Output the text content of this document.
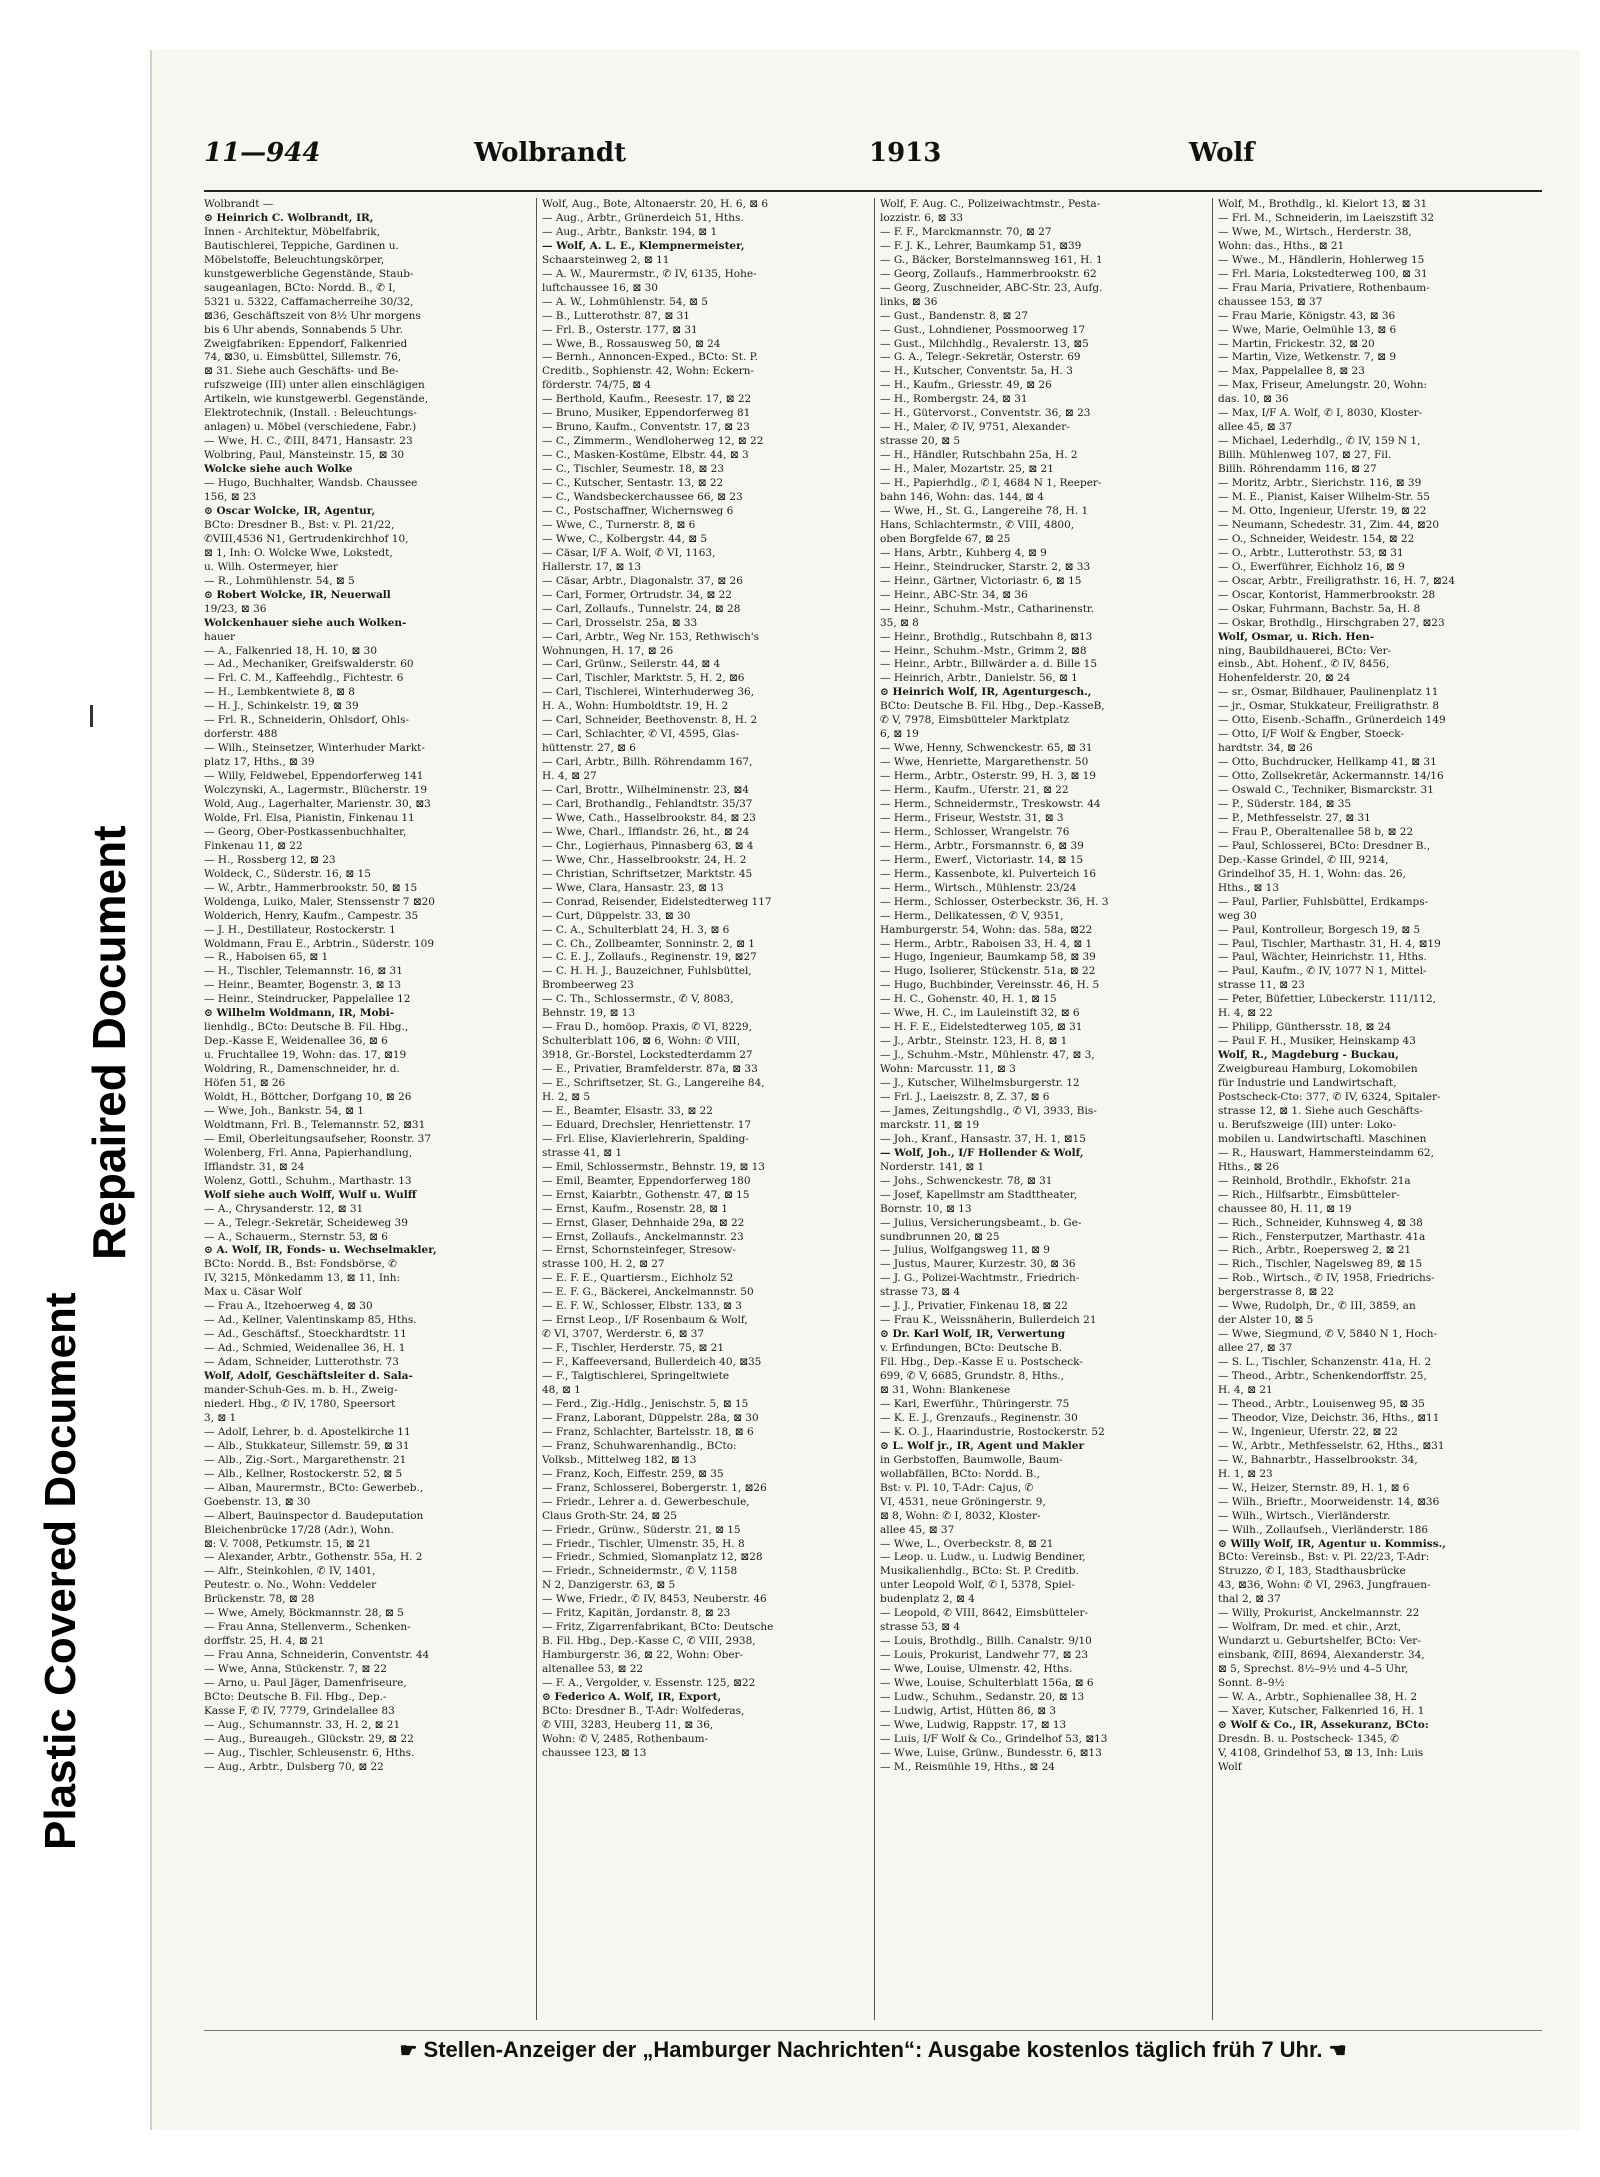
Plastic Covered Document
Repaired Document
11—944	Wolbrandt	1913	Wolf
Wolbrandt —
⊙ Heinrich C. Wolbrandt, IR,
Innen - Architektur, Möbelfabrik,
Bautischlerei, Teppiche, Gardinen u.
Möbelstoffe, Beleuchtungskörper,
kunstgewerbliche Gegenstände, Staub-
saugeanlagen, BCto: Nordd. B., ✆ I,
5321 u. 5322, Caffamacherreihe 30/32,
⊠36, Geschäftszeit von 8½ Uhr morgens
bis 6 Uhr abends, Sonnabends 5 Uhr.
Zweigfabriken: Eppendorf, Falkenried
74, ⊠30, u. Eimsbüttel, Sillemstr. 76,
⊠ 31. Siehe auch Geschäfts- und Be-
rufszweige (III) unter allen einschlägigen
Artikeln, wie kunstgewerbl. Gegenstände,
Elektrotechnik, (Install. : Beleuchtungs-
anlagen) u. Möbel (verschiedene, Fabr.)
— Wwe, H. C., ✆III, 8471, Hansastr. 23
Wolbring, Paul, Mansteinstr. 15, ⊠ 30
Wolcke siehe auch Wolke
— Hugo, Buchhalter, Wandsb. Chaussee
156, ⊠ 23
⊙ Oscar Wolcke, IR, Agentur,
BCto: Dresdner B., Bst: v. Pl. 21/22,
✆VIII,4536 N1, Gertrudenkirchhof 10,
⊠ 1, Inh: O. Wolcke Wwe, Lokstedt,
u. Wilh. Ostermeyer, hier
— R., Lohmühlenstr. 54, ⊠ 5
⊙ Robert Wolcke, IR, Neuerwall
19/23, ⊠ 36
Wolckenhauer siehe auch Wolken-
hauer
— A., Falkenried 18, H. 10, ⊠ 30
— Ad., Mechaniker, Greifswalderstr. 60
— Frl. C. M., Kaffeehdlg., Fichtestr. 6
— H., Lembkentwiete 8, ⊠ 8
— H. J., Schinkelstr. 19, ⊠ 39
— Frl. R., Schneiderin, Ohlsdorf, Ohls-
dorferstr. 488
— Wilh., Steinsetzer, Winterhuder Markt-
platz 17, Hths., ⊠ 39
— Willy, Feldwebel, Eppendorferweg 141
Wolczynski, A., Lagermstr., Blücherstr. 19
Wold, Aug., Lagerhalter, Marienstr. 30, ⊠3
Wolde, Frl. Elsa, Pianistin, Finkenau 11
— Georg, Ober-Postkassenbuchhalter,
Finkenau 11, ⊠ 22
— H., Rossberg 12, ⊠ 23
Woldeck, C., Süderstr. 16, ⊠ 15
— W., Arbtr., Hammerbrookstr. 50, ⊠ 15
Woldenga, Luiko, Maler, Stenssenstr 7 ⊠20
Wolderich, Henry, Kaufm., Campestr. 35
— J. H., Destillateur, Rostockerstr. 1
Woldmann, Frau E., Arbtrin., Süderstr. 109
— R., Haboisen 65, ⊠ 1
— H., Tischler, Telemannstr. 16, ⊠ 31
— Heinr., Beamter, Bogenstr. 3, ⊠ 13
— Heinr., Steindrucker, Pappelallee 12
⊙ Wilhelm Woldmann, IR, Mobi-
lienhdlg., BCto: Deutsche B. Fil. Hbg.,
Dep.-Kasse E, Weidenallee 36, ⊠ 6
u. Fruchtallee 19, Wohn: das. 17, ⊠19
Woldring, R., Damenschneider, hr. d.
Höfen 51, ⊠ 26
Woldt, H., Böttcher, Dorfgang 10, ⊠ 26
— Wwe, Joh., Bankstr. 54, ⊠ 1
Woldtmann, Frl. B., Telemannstr. 52, ⊠31
— Emil, Oberleitungsaufseher, Roonstr. 37
Wolenberg, Frl. Anna, Papierhandlung,
Ifflandstr. 31, ⊠ 24
Wolenz, Gottl., Schuhm., Marthastr. 13
Wolf siehe auch Wolff, Wulf u. Wulff
— A., Chrysanderstr. 12, ⊠ 31
— A., Telegr.-Sekretär, Scheideweg 39
— A., Schauerm., Sternstr. 53, ⊠ 6
⊙ A. Wolf, IR, Fonds- u. Wechselmakler,
BCto: Nordd. B., Bst: Fondsbörse, ✆
IV, 3215, Mönkedamm 13, ⊠ 11, Inh:
Max u. Cäsar Wolf
— Frau A., Itzehoerweg 4, ⊠ 30
— Ad., Kellner, Valentinskamp 85, Hths.
— Ad., Geschäftsf., Stoeckhardtstr. 11
— Ad., Schmied, Weidenallee 36, H. 1
— Adam, Schneider, Lutterothstr. 73
Wolf, Adolf, Geschäftsleiter d. Sala-
mander-Schuh-Ges. m. b. H., Zweig-
niederl. Hbg., ✆ IV, 1780, Speersort
3, ⊠ 1
— Adolf, Lehrer, b. d. Apostelkirche 11
— Alb., Stukkateur, Sillemstr. 59, ⊠ 31
— Alb., Zig.-Sort., Margarethenstr. 21
— Alb., Kellner, Rostockerstr. 52, ⊠ 5
— Alban, Maurermstr., BCto: Gewerbeb.,
Goebenstr. 13, ⊠ 30
— Albert, Bauinspector d. Baudeputation
Bleichenbrücke 17/28 (Adr.), Wohn.
⊠: V. 7008, Petkumstr. 15, ⊠ 21
— Alexander, Arbtr., Gothenstr. 55a, H. 2
— Alfr., Steinkohlen, ✆ IV, 1401,
Peutestr. o. No., Wohn: Veddeler
Brückenstr. 78, ⊠ 28
— Wwe, Amely, Böckmannstr. 28, ⊠ 5
— Frau Anna, Stellenverm., Schenken-
dorffstr. 25, H. 4, ⊠ 21
— Frau Anna, Schneiderin, Conventstr. 44
— Wwe, Anna, Stückenstr. 7, ⊠ 22
— Arno, u. Paul Jäger, Damenfriseure,
BCto: Deutsche B. Fil. Hbg., Dep.-
Kasse F, ✆ IV, 7779, Grindelallee 83
— Aug., Schumannstr. 33, H. 2, ⊠ 21
— Aug., Bureaugeh., Glückstr. 29, ⊠ 22
— Aug., Tischler, Schleusenstr. 6, Hths.
— Aug., Arbtr., Dulsberg 70, ⊠ 22
Wolf, Aug., Bote, Altonaerstr. 20, H. 6, ⊠ 6
— Aug., Arbtr., Grünerdeich 51, Hths.
— Aug., Arbtr., Bankstr. 194, ⊠ 1
— Wolf, A. L. E., Klempnermeister,
Schaarsteinweg 2, ⊠ 11
— A. W., Maurermstr., ✆ IV, 6135, Hohe-
luftchaussee 16, ⊠ 30
— A. W., Lohmühlenstr. 54, ⊠ 5
— B., Lutterothstr. 87, ⊠ 31
— Frl. B., Osterstr. 177, ⊠ 31
— Wwe, B., Rossausweg 50, ⊠ 24
— Bernh., Annoncen-Exped., BCto: St. P.
Creditb., Sophienstr. 42, Wohn: Eckern-
förderstr. 74/75, ⊠ 4
— Berthold, Kaufm., Reesestr. 17, ⊠ 22
— Bruno, Musiker, Eppendorferweg 81
— Bruno, Kaufm., Conventstr. 17, ⊠ 23
— C., Zimmerm., Wendloherweg 12, ⊠ 22
— C., Masken-Kostüme, Elbstr. 44, ⊠ 3
— C., Tischler, Seumestr. 18, ⊠ 23
— C., Kutscher, Sentastr. 13, ⊠ 22
— C., Wandsbeckerchaussee 66, ⊠ 23
— C., Postschaffner, Wichernsweg 6
— Wwe, C., Turnerstr. 8, ⊠ 6
— Wwe, C., Kolbergstr. 44, ⊠ 5
— Cäsar, I/F A. Wolf, ✆ VI, 1163,
Hallerstr. 17, ⊠ 13
— Cäsar, Arbtr., Diagonalstr. 37, ⊠ 26
— Carl, Former, Ortrudstr. 34, ⊠ 22
— Carl, Zollaufs., Tunnelstr. 24, ⊠ 28
— Carl, Drosselstr. 25a, ⊠ 33
— Carl, Arbtr., Weg Nr. 153, Rethwisch's
Wohnungen, H. 17, ⊠ 26
— Carl, Grünw., Seilerstr. 44, ⊠ 4
— Carl, Tischler, Marktstr. 5, H. 2, ⊠6
— Carl, Tischlerei, Winterhuderweg 36,
H. A., Wohn: Humboldtstr. 19, H. 2
— Carl, Schneider, Beethovenstr. 8, H. 2
— Carl, Schlachter, ✆ VI, 4595, Glas-
hüttenstr. 27, ⊠ 6
— Carl, Arbtr., Billh. Röhrendamm 167,
H. 4, ⊠ 27
— Carl, Brottr., Wilhelminenstr. 23, ⊠4
— Carl, Brothandlg., Fehlandtstr. 35/37
— Wwe, Cath., Hasselbrookstr. 84, ⊠ 23
— Wwe, Charl., Ifflandstr. 26, ht., ⊠ 24
— Chr., Logierhaus, Pinnasberg 63, ⊠ 4
— Wwe, Chr., Hasselbrookstr. 24, H. 2
— Christian, Schriftsetzer, Marktstr. 45
— Wwe, Clara, Hansastr. 23, ⊠ 13
— Conrad, Reisender, Eidelstedterweg 117
— Curt, Düppelstr. 33, ⊠ 30
— C. A., Schulterblatt 24, H. 3, ⊠ 6
— C. Ch., Zollbeamter, Sonninstr. 2, ⊠ 1
— C. E. J., Zollaufs., Reginenstr. 19, ⊠27
— C. H. H. J., Bauzeichner, Fuhlsbüttel,
Brombeerweg 23
— C. Th., Schlossermstr., ✆ V, 8083,
Behnstr. 19, ⊠ 13
— Frau D., homöop. Praxis, ✆ VI, 8229,
Schulterblatt 106, ⊠ 6, Wohn: ✆ VIII,
3918, Gr.-Borstel, Lockstedterdamm 27
— E., Privatier, Bramfelderstr. 87a, ⊠ 33
— E., Schriftsetzer, St. G., Langereihe 84,
H. 2, ⊠ 5
— E., Beamter, Elsastr. 33, ⊠ 22
— Eduard, Drechsler, Henriettenstr. 17
— Frl. Elise, Klavierlehrerin, Spalding-
strasse 41, ⊠ 1
— Emil, Schlossermstr., Behnstr. 19, ⊠ 13
— Emil, Beamter, Eppendorferweg 180
— Ernst, Kaiarbtr., Gothenstr. 47, ⊠ 15
— Ernst, Kaufm., Rosenstr. 28, ⊠ 1
— Ernst, Glaser, Dehnhaide 29a, ⊠ 22
— Ernst, Zollaufs., Anckelmannstr. 23
— Ernst, Schornsteinfeger, Stresow-
strasse 100, H. 2, ⊠ 27
— E. F. E., Quartiersm., Eichholz 52
— E. F. G., Bäckerei, Anckelmannstr. 50
— E. F. W., Schlosser, Elbstr. 133, ⊠ 3
— Ernst Leop., I/F Rosenbaum & Wolf,
✆ VI, 3707, Werderstr. 6, ⊠ 37
— F., Tischler, Herderstr. 75, ⊠ 21
— F., Kaffeeversand, Bullerdeich 40, ⊠35
— F., Talgtischlerei, Springeltwiete
48, ⊠ 1
— Ferd., Zig.-Hdlg., Jenischstr. 5, ⊠ 15
— Franz, Laborant, Düppelstr. 28a, ⊠ 30
— Franz, Schlachter, Bartelsstr. 18, ⊠ 6
— Franz, Schuhwarenhandlg., BCto:
Volksb., Mittelweg 182, ⊠ 13
— Franz, Koch, Eiffestr. 259, ⊠ 35
— Franz, Schlosserei, Bobergerstr. 1, ⊠26
— Friedr., Lehrer a. d. Gewerbeschule,
Claus Groth-Str. 24, ⊠ 25
— Friedr., Grünw., Süderstr. 21, ⊠ 15
— Friedr., Tischler, Ulmenstr. 35, H. 8
— Friedr., Schmied, Slomanplatz 12, ⊠28
— Friedr., Schneidermstr., ✆ V, 1158
N 2, Danzigerstr. 63, ⊠ 5
— Wwe, Friedr., ✆ IV, 8453, Neuberstr. 46
— Fritz, Kapitän, Jordanstr. 8, ⊠ 23
— Fritz, Zigarrenfabrikant, BCto: Deutsche
B. Fil. Hbg., Dep.-Kasse C, ✆ VIII, 2938,
Hamburgerstr. 36, ⊠ 22, Wohn: Ober-
altenallee 53, ⊠ 22
— F. A., Vergolder, v. Essenstr. 125, ⊠22
⊙ Federico A. Wolf, IR, Export,
BCto: Dresdner B., T-Adr: Wolfederas,
✆ VIII, 3283, Heuberg 11, ⊠ 36,
Wohn: ✆ V, 2485, Rothenbaum-
chaussee 123, ⊠ 13
Wolf, F. Aug. C., Polizeiwachtmstr., Pesta-
lozzistr. 6, ⊠ 33
— F. F., Marckmannstr. 70, ⊠ 27
— F. J. K., Lehrer, Baumkamp 51, ⊠39
— G., Bäcker, Borstelmannsweg 161, H. 1
— Georg, Zollaufs., Hammerbrookstr. 62
— Georg, Zuschneider, ABC-Str. 23, Aufg.
links, ⊠ 36
— Gust., Bandenstr. 8, ⊠ 27
— Gust., Lohndiener, Possmoorweg 17
— Gust., Milchhdlg., Revalerstr. 13, ⊠5
— G. A., Telegr.-Sekretär, Osterstr. 69
— H., Kutscher, Conventstr. 5a, H. 3
— H., Kaufm., Griesstr. 49, ⊠ 26
— H., Rombergstr. 24, ⊠ 31
— H., Gütervorst., Conventstr. 36, ⊠ 23
— H., Maler, ✆ IV, 9751, Alexander-
strasse 20, ⊠ 5
— H., Händler, Rutschbahn 25a, H. 2
— H., Maler, Mozartstr. 25, ⊠ 21
— H., Papierhdlg., ✆ I, 4684 N 1, Reeper-
bahn 146, Wohn: das. 144, ⊠ 4
— Wwe, H., St. G., Langereihe 78, H. 1
Hans, Schlachtermstr., ✆ VIII, 4800,
oben Borgfelde 67, ⊠ 25
— Hans, Arbtr., Kuhberg 4, ⊠ 9
— Heinr., Steindrucker, Starstr. 2, ⊠ 33
— Heinr., Gärtner, Victoriastr. 6, ⊠ 15
— Heinr., ABC-Str. 34, ⊠ 36
— Heinr., Schuhm.-Mstr., Catharinenstr.
35, ⊠ 8
— Heinr., Brothdlg., Rutschbahn 8, ⊠13
— Heinr., Schuhm.-Mstr., Grimm 2, ⊠8
— Heinr., Arbtr., Billwärder a. d. Bille 15
— Heinrich, Arbtr., Danielstr. 56, ⊠ 1
⊙ Heinrich Wolf, IR, Agenturgesch.,
BCto: Deutsche B. Fil. Hbg., Dep.-KasseB,
✆ V, 7978, Eimsbütteler Marktplatz
6, ⊠ 19
— Wwe, Henny, Schwenckestr. 65, ⊠ 31
— Wwe, Henriette, Margarethenstr. 50
— Herm., Arbtr., Osterstr. 99, H. 3, ⊠ 19
— Herm., Kaufm., Uferstr. 21, ⊠ 22
— Herm., Schneidermstr., Treskowstr. 44
— Herm., Friseur, Weststr. 31, ⊠ 3
— Herm., Schlosser, Wrangelstr. 76
— Herm., Arbtr., Forsmannstr. 6, ⊠ 39
— Herm., Ewerf., Victoriastr. 14, ⊠ 15
— Herm., Kassenbote, kl. Pulverteich 16
— Herm., Wirtsch., Mühlenstr. 23/24
— Herm., Schlosser, Osterbeckstr. 36, H. 3
— Herm., Delikatessen, ✆ V, 9351,
Hamburgerstr. 54, Wohn: das. 58a, ⊠22
— Herm., Arbtr., Raboisen 33, H. 4, ⊠ 1
— Hugo, Ingenieur, Baumkamp 58, ⊠ 39
— Hugo, Isolierer, Stückenstr. 51a, ⊠ 22
— Hugo, Buchbinder, Vereinsstr. 46, H. 5
— H. C., Gohenstr. 40, H. 1, ⊠ 15
— Wwe, H. C., im Lauleinstift 32, ⊠ 6
— H. F. E., Eidelstedterweg 105, ⊠ 31
— J., Arbtr., Steinstr. 123, H. 8, ⊠ 1
— J., Schuhm.-Mstr., Mühlenstr. 47, ⊠ 3,
Wohn: Marcusstr. 11, ⊠ 3
— J., Kutscher, Wilhelmsburgerstr. 12
— Frl. J., Laeiszstr. 8, Z. 37, ⊠ 6
— James, Zeitungshdlg., ✆ VI, 3933, Bis-
marckstr. 11, ⊠ 19
— Joh., Kranf., Hansastr. 37, H. 1, ⊠15
— Wolf, Joh., I/F Hollender & Wolf,
Norderstr. 141, ⊠ 1
— Johs., Schwenckestr. 78, ⊠ 31
— Josef, Kapellmstr am Stadttheater,
Bornstr. 10, ⊠ 13
— Julius, Versicherungsbeamt., b. Ge-
sundbrunnen 20, ⊠ 25
— Julius, Wolfgangsweg 11, ⊠ 9
— Justus, Maurer, Kurzestr. 30, ⊠ 36
— J. G., Polizei-Wachtmstr., Friedrich-
strasse 73, ⊠ 4
— J. J., Privatier, Finkenau 18, ⊠ 22
— Frau K., Weissnäherin, Bullerdeich 21
⊙ Dr. Karl Wolf, IR, Verwertung
v. Erfindungen, BCto: Deutsche B.
Fil. Hbg., Dep.-Kasse E u. Postscheck-
699, ✆ V, 6685, Grundstr. 8, Hths.,
⊠ 31, Wohn: Blankenese
— Karl, Ewerführ., Thüringerstr. 75
— K. E. J., Grenzaufs., Reginenstr. 30
— K. O. J., Haarindustrie, Rostockerstr. 52
⊙ L. Wolf jr., IR, Agent und Makler
in Gerbstoffen, Baumwolle, Baum-
wollabfällen, BCto: Nordd. B.,
Bst: v. Pl. 10, T-Adr: Cajus, ✆
VI, 4531, neue Gröningerstr. 9,
⊠ 8, Wohn: ✆ I, 8032, Kloster-
allee 45, ⊠ 37
— Wwe, L., Overbeckstr. 8, ⊠ 21
— Leop. u. Ludw., u. Ludwig Bendiner,
Musikalienhdlg., BCto: St. P. Creditb.
unter Leopold Wolf, ✆ I, 5378, Spiel-
budenplatz 2, ⊠ 4
— Leopold, ✆ VIII, 8642, Eimsbütteler-
strasse 53, ⊠ 4
— Louis, Brothdlg., Billh. Canalstr. 9/10
— Louis, Prokurist, Landwehr 77, ⊠ 23
— Wwe, Louise, Ulmenstr. 42, Hths.
— Wwe, Louise, Schulterblatt 156a, ⊠ 6
— Ludw., Schuhm., Sedanstr. 20, ⊠ 13
— Ludwig, Artist, Hütten 86, ⊠ 3
— Wwe, Ludwig, Rappstr. 17, ⊠ 13
— Luis, I/F Wolf & Co., Grindelhof 53, ⊠13
— Wwe, Luise, Grünw., Bundesstr. 6, ⊠13
— M., Reismühle 19, Hths., ⊠ 24
Wolf, M., Brothdlg., kl. Kielort 13, ⊠ 31
— Frl. M., Schneiderin, im Laeiszstift 32
— Wwe, M., Wirtsch., Herderstr. 38,
Wohn: das., Hths., ⊠ 21
— Wwe., M., Händlerin, Hohlerweg 15
— Frl. Maria, Lokstedterweg 100, ⊠ 31
— Frau Maria, Privatiere, Rothenbaum-
chaussee 153, ⊠ 37
— Frau Marie, Königstr. 43, ⊠ 36
— Wwe, Marie, Oelmühle 13, ⊠ 6
— Martin, Frickestr. 32, ⊠ 20
— Martin, Vize, Wetkenstr. 7, ⊠ 9
— Max, Pappelallee 8, ⊠ 23
— Max, Friseur, Amelungstr. 20, Wohn:
das. 10, ⊠ 36
— Max, I/F A. Wolf, ✆ I, 8030, Kloster-
allee 45, ⊠ 37
— Michael, Lederhdlg., ✆ IV, 159 N 1,
Billh. Mühlenweg 107, ⊠ 27, Fil.
Billh. Röhrendamm 116, ⊠ 27
— Moritz, Arbtr., Sierichstr. 116, ⊠ 39
— M. E., Pianist, Kaiser Wilhelm-Str. 55
— M. Otto, Ingenieur, Uferstr. 19, ⊠ 22
— Neumann, Schedestr. 31, Zim. 44, ⊠20
— O., Schneider, Weidestr. 154, ⊠ 22
— O., Arbtr., Lutterothstr. 53, ⊠ 31
— O., Ewerführer, Eichholz 16, ⊠ 9
— Oscar, Arbtr., Freiligrathstr. 16, H. 7, ⊠24
— Oscar, Kontorist, Hammerbrookstr. 28
— Oskar, Fuhrmann, Bachstr. 5a, H. 8
— Oskar, Brothdlg., Hirschgraben 27, ⊠23
Wolf, Osmar, u. Rich. Hen-
ning, Baubildhauerei, BCto: Ver-
einsb., Abt. Hohenf., ✆ IV, 8456,
Hohenfelderstr. 20, ⊠ 24
— sr., Osmar, Bildhauer, Paulinenplatz 11
— jr., Osmar, Stukkateur, Freiligrathstr. 8
— Otto, Eisenb.-Schaffn., Grünerdeich 149
— Otto, I/F Wolf & Engber, Stoeck-
hardtstr. 34, ⊠ 26
— Otto, Buchdrucker, Hellkamp 41, ⊠ 31
— Otto, Zollsekretär, Ackermannstr. 14/16
— Oswald C., Techniker, Bismarckstr. 31
— P., Süderstr. 184, ⊠ 35
— P., Methfesselstr. 27, ⊠ 31
— Frau P., Oberaltenallee 58 b, ⊠ 22
— Paul, Schlosserei, BCto: Dresdner B.,
Dep.-Kasse Grindel, ✆ III, 9214,
Grindelhof 35, H. 1, Wohn: das. 26,
Hths., ⊠ 13
— Paul, Parlier, Fuhlsbüttel, Erdkamps-
weg 30
— Paul, Kontrolleur, Borgesch 19, ⊠ 5
— Paul, Tischler, Marthastr. 31, H. 4, ⊠19
— Paul, Wächter, Heinrichstr. 11, Hths.
— Paul, Kaufm., ✆ IV, 1077 N 1, Mittel-
strasse 11, ⊠ 23
— Peter, Büfettier, Lübeckerstr. 111/112,
H. 4, ⊠ 22
— Philipp, Günthersstr. 18, ⊠ 24
— Paul F. H., Musiker, Heinskamp 43
Wolf, R., Magdeburg - Buckau,
Zweigbureau Hamburg, Lokomobilen
für Industrie und Landwirtschaft,
Postscheck-Cto: 377, ✆ IV, 6324, Spitaler-
strasse 12, ⊠ 1. Siehe auch Geschäfts-
u. Berufszweige (III) unter: Loko-
mobilen u. Landwirtschaftl. Maschinen
— R., Hauswart, Hammersteindamm 62,
Hths., ⊠ 26
— Reinhold, Brothdlr., Ekhofstr. 21a
— Rich., Hilfsarbtr., Eimsbütteler-
chaussee 80, H. 11, ⊠ 19
— Rich., Schneider, Kuhnsweg 4, ⊠ 38
— Rich., Fensterputzer, Marthastr. 41a
— Rich., Arbtr., Roepersweg 2, ⊠ 21
— Rich., Tischler, Nagelsweg 89, ⊠ 15
— Rob., Wirtsch., ✆ IV, 1958, Friedrichs-
bergerstrasse 8, ⊠ 22
— Wwe, Rudolph, Dr., ✆ III, 3859, an
der Alster 10, ⊠ 5
— Wwe, Siegmund, ✆ V, 5840 N 1, Hoch-
allee 27, ⊠ 37
— S. L., Tischler, Schanzenstr. 41a, H. 2
— Theod., Arbtr., Schenkendorffstr. 25,
H. 4, ⊠ 21
— Theod., Arbtr., Louisenweg 95, ⊠ 35
— Theodor, Vize, Deichstr. 36, Hths., ⊠11
— W., Ingenieur, Uferstr. 22, ⊠ 22
— W., Arbtr., Methfesselstr. 62, Hths., ⊠31
— W., Bahnarbtr., Hasselbrookstr. 34,
H. 1, ⊠ 23
— W., Heizer, Sternstr. 89, H. 1, ⊠ 6
— Wilh., Brieftr., Moorweidenstr. 14, ⊠36
— Wilh., Wirtsch., Vierländerstr.
— Wilh., Zollaufseh., Vierländerstr. 186
⊙ Willy Wolf, IR, Agentur u. Kommiss.,
BCto: Vereinsb., Bst: v. Pl. 22/23, T-Adr:
Struzzo, ✆ I, 183, Stadthausbrücke
43, ⊠36, Wohn: ✆ VI, 2963, Jungfrauen-
thal 2, ⊠ 37
— Willy, Prokurist, Anckelmannstr. 22
— Wolfram, Dr. med. et chir., Arzt,
Wundarzt u. Geburtshelfer, BCto: Ver-
einsbank, ✆III, 8694, Alexanderstr. 34,
⊠ 5, Sprechst. 8½–9½ und 4–5 Uhr,
Sonnt. 8–9½
— W. A., Arbtr., Sophienallee 38, H. 2
— Xaver, Kutscher, Falkenried 16, H. 1
⊙ Wolf & Co., IR, Assekuranz, BCto:
Dresdn. B. u. Postscheck- 1345, ✆
V, 4108, Grindelhof 53, ⊠ 13, Inh: Luis
Wolf
☛ Stellen-Anzeiger der „Hamburger Nachrichten“: Ausgabe kostenlos täglich früh 7 Uhr. ☚
